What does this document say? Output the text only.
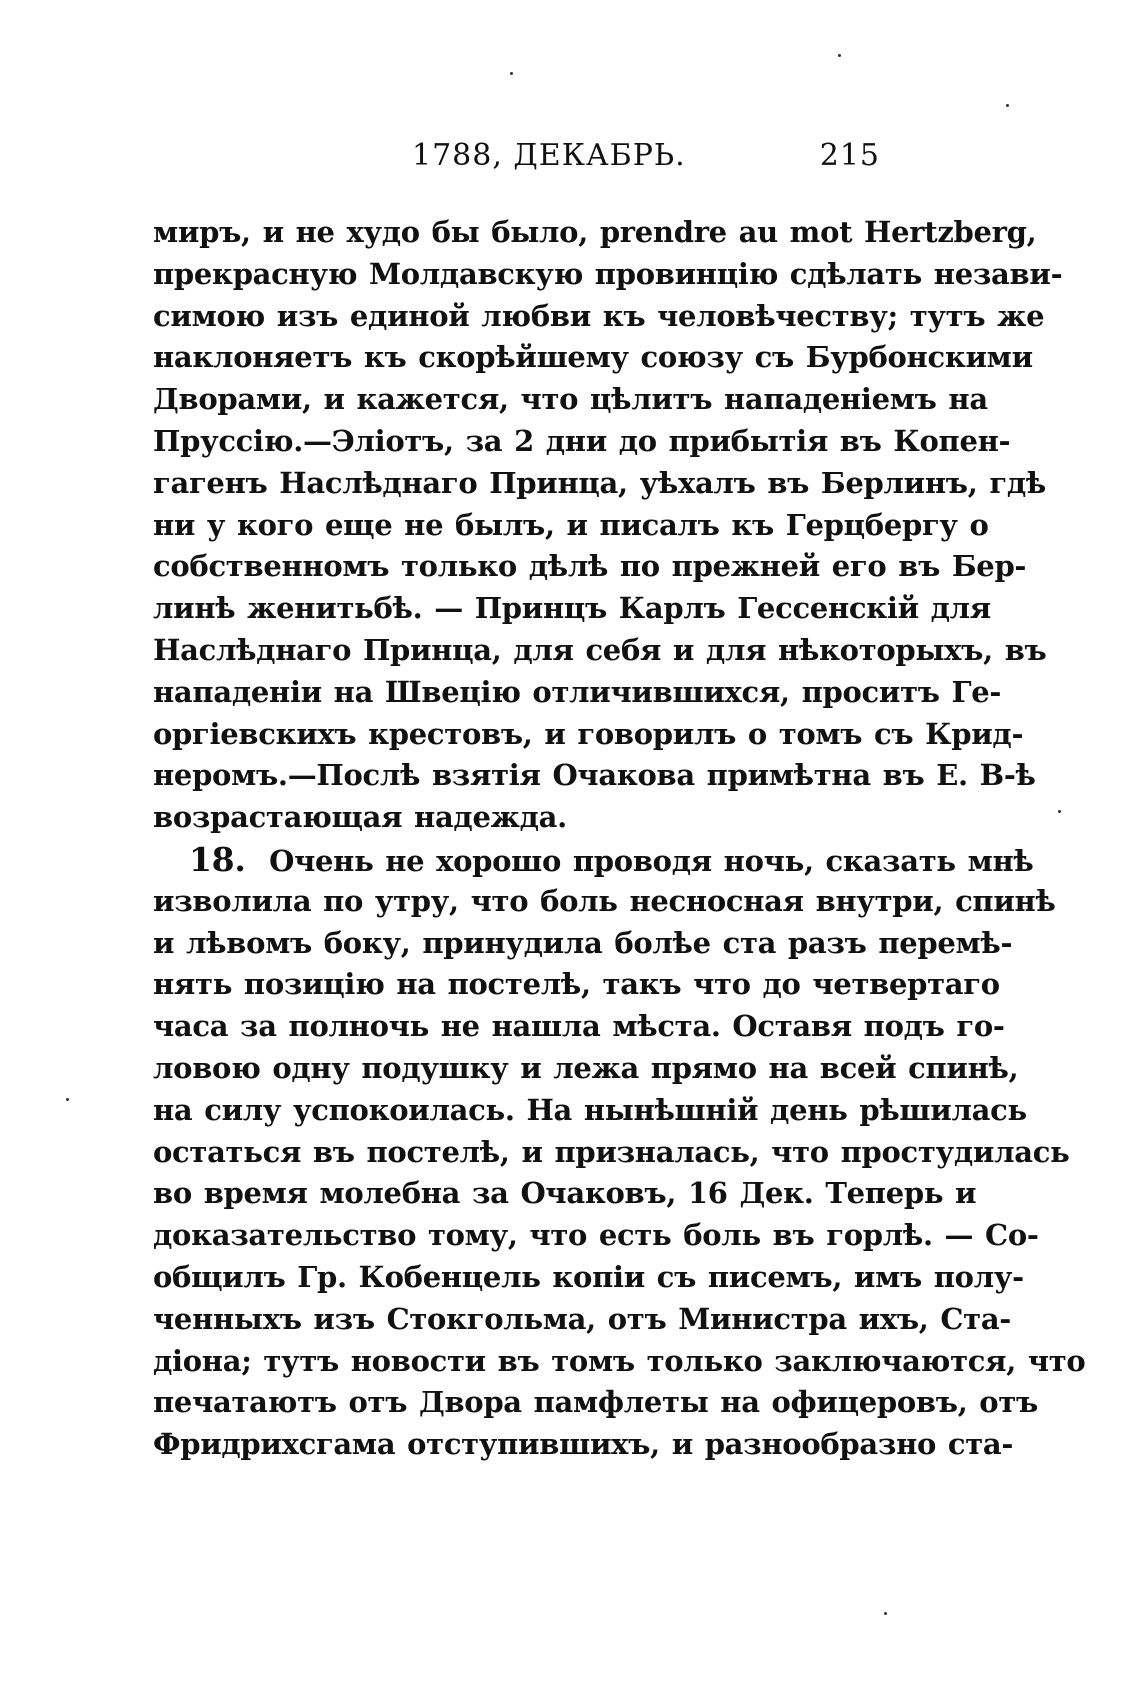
1788, ДЕКАБРЬ.	215
миръ, и не худо бы было, prendre au mot Hertzberg,
прекрасную Молдавскую провинцію сдѣлать незави-
симою изъ единой любви къ человѣчеству; тутъ же
наклоняетъ къ скорѣйшему союзу съ Бурбонскими
Дворами, и кажется, что цѣлитъ нападеніемъ на
Пруссію.—Эліотъ, за 2 дни до прибытія въ Копен-
гагенъ Наслѣднаго Принца, уѣхалъ въ Берлинъ, гдѣ
ни у кого еще не былъ, и писалъ къ Герцбергу о
собственномъ только дѣлѣ по прежней его въ Бер-
линѣ женитьбѣ. — Принцъ Карлъ Гессенскій для
Наслѣднаго Принца, для себя и для нѣкоторыхъ, въ
нападеніи на Швецію отличившихся, проситъ Ге-
оргіевскихъ крестовъ, и говорилъ о томъ съ Крид-
неромъ.—Послѣ взятія Очакова примѣтна въ Е. В-ѣ
возрастающая надежда.
18. Очень не хорошо проводя ночь, сказать мнѣ
изволила по утру, что боль несносная внутри, спинѣ
и лѣвомъ боку, принудила болѣе ста разъ перемѣ-
нять позицію на постелѣ, такъ что до четвертаго
часа за полночь не нашла мѣста. Оставя подъ го-
ловою одну подушку и лежа прямо на всей спинѣ,
на силу успокоилась. На нынѣшній день рѣшилась
остаться въ постелѣ, и призналась, что простудилась
во время молебна за Очаковъ, 16 Дек. Теперь и
доказательство тому, что есть боль въ горлѣ. — Со-
общилъ Гр. Кобенцель копіи съ писемъ, имъ полу-
ченныхъ изъ Стокгольма, отъ Министра ихъ, Ста-
діона; тутъ новости въ томъ только заключаются, что
печатаютъ отъ Двора памфлеты на офицеровъ, отъ
Фридрихсгама отступившихъ, и разнообразно ста-
